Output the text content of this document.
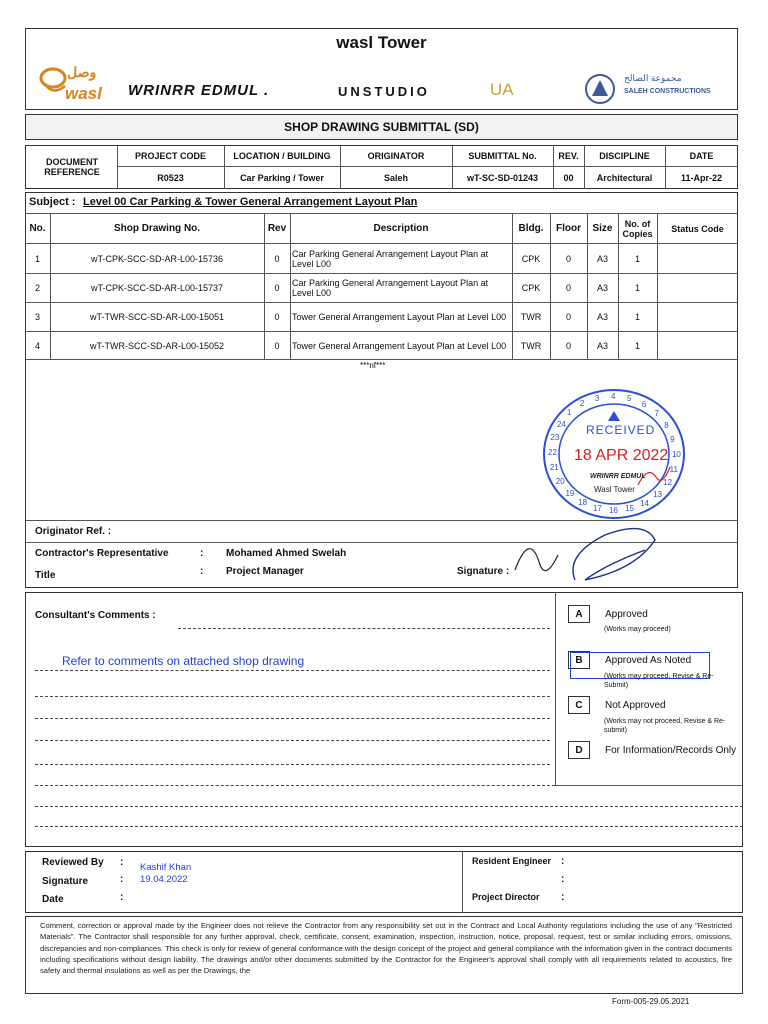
wasl Tower
وصل
wasl WRINRR EDMUL .	UNSTUDIO	UA
مجموعة الصالح
SALEH CONSTRUCTIONS
SHOP DRAWING SUBMITTAL (SD)
DOCUMENT REFERENCE
PROJECT CODE	LOCATION / BUILDING	ORIGINATOR	SUBMITTAL No.	REV.	DISCIPLINE	DATE
R0523	Car Parking / Tower	Saleh	wT-SC-SD-01243	00	Architectural	11-Apr-22
Subject : Level 00 Car Parking & Tower General Arrangement Layout Plan
No.	Shop Drawing No.	Rev	Description	Bldg.	Floor	Size	No. of Copies	Status Code
1	wT-CPK-SCC-SD-AR-L00-15736	0	Car Parking General Arrangement Layout Plan at Level L00	CPK	0	A3	1
2	wT-CPK-SCC-SD-AR-L00-15737	0	Car Parking General Arrangement Layout Plan at Level L00	CPK	0	A3	1
3	wT-TWR-SCC-SD-AR-L00-15051	0	Tower General Arrangement Layout Plan at Level L00	TWR	0	A3	1
4	wT-TWR-SCC-SD-AR-L00-15052	0	Tower General Arrangement Layout Plan at Level L00	TWR	0	A3	1
***nf***
1
2
3 4 5
6
7
8
9
10
11
12
13
14
15
16
17
18
19
20
21
22
23
24 RECEIVED
18 APR 2022
WRINRR EDMUL
Wasl Tower
Originator Ref. :
Contractor's Representative	: Mohamed Ahmed Swelah
Title	: Project Manager	Signature :
Consultant's Comments :
Refer to comments on attached shop drawing
A	Approved
(Works may proceed)
B	Approved As Noted
(Works may proceed, Revise & Re-Submit)
C	Not Approved
(Works may not proceed, Revise & Re- submit)
D	For Information/Records Only
Reviewed By : Kashif Khan
Signature	: 19.04.2022
Date	:
Resident Engineer :
:
Project Director :
Comment, correction or approval made by the Engineer does not relieve the Contractor from any responsibility set out in the Contract and Local Authority regulations including the use of any "Restricted Materials". The Contractor shall responsible for any further approval, check, certificate, consent, examination, inspection, instruction, notice, proposal, request, test or similar including errors, omissions, discrepancies and non-compliances. This check is only for review of general conformance with the design concept of the project and general compliance with the information given in the contract documents including specifications without design liability. The drawings and/or other documents submitted by the Contractor for the Engineer's approval shall comply with all requirements related to acoustics, fire safety and thermal insulations as well as per the Drawings, the
Form-005-29.05.2021
